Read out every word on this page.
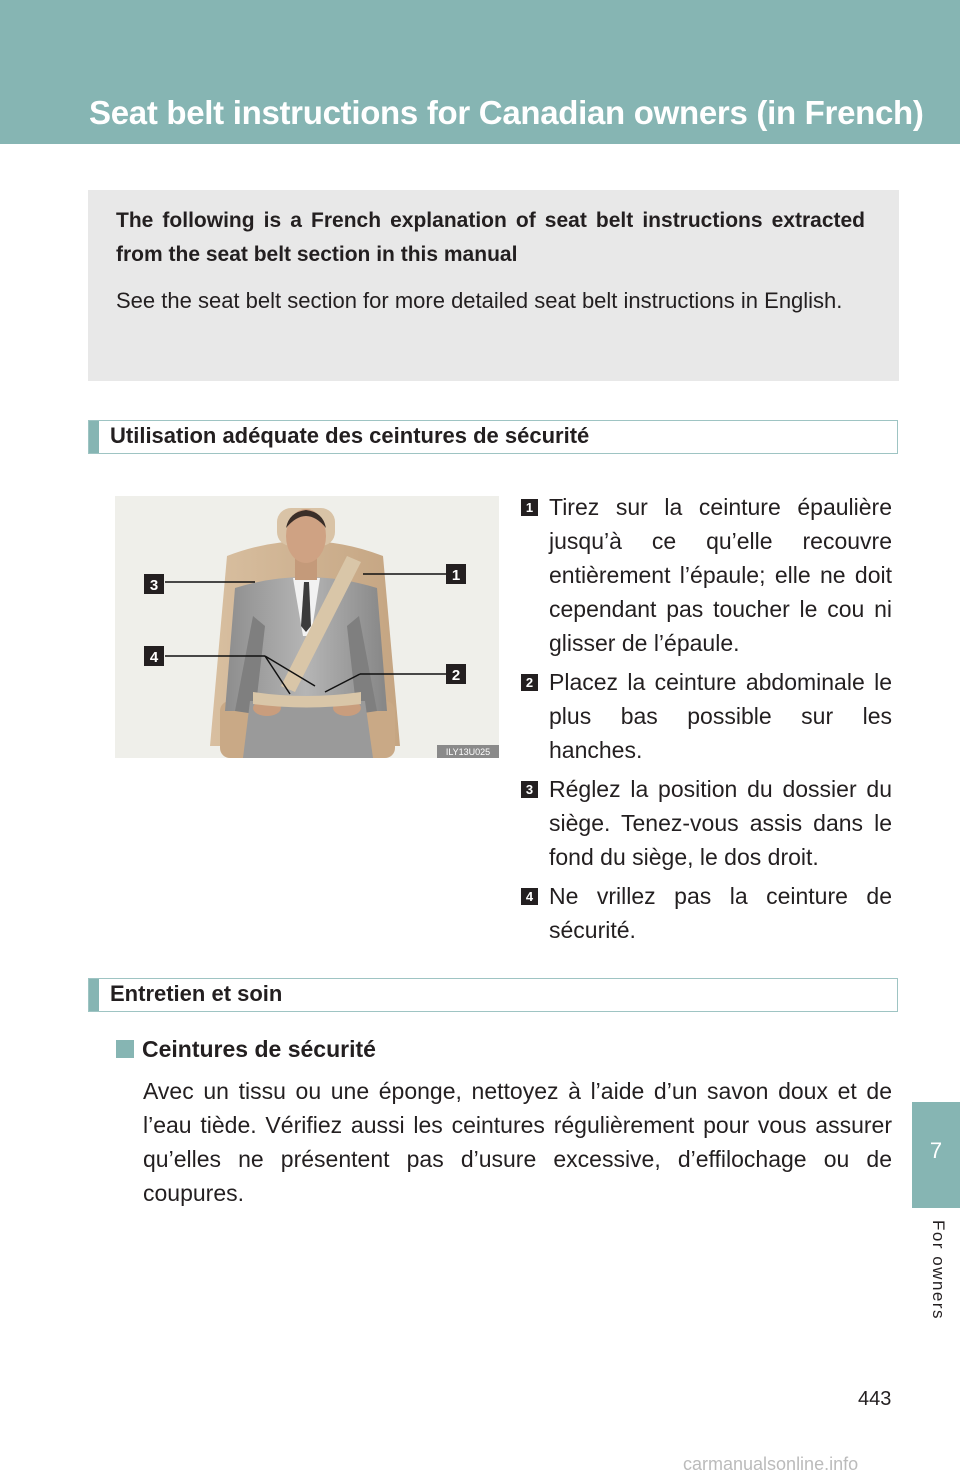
Seat belt instructions for Canadian owners (in French)

The following is a French explanation of seat belt instructions extracted from the seat belt section in this manual

See the seat belt section for more detailed seat belt instructions in English.

Utilisation adéquate des ceintures de sécurité
1
2
3
4
ILY13U025
1 Tirez sur la ceinture épaulière jusqu’à ce qu’elle recouvre entièrement l’épaule; elle ne doit cependant pas toucher le cou ni glisser de l’épaule.
2 Placez la ceinture abdominale le plus bas possible sur les hanches.
3 Réglez la position du dossier du siège. Tenez-vous assis dans le fond du siège, le dos droit.
4 Ne vrillez pas la ceinture de sécurité.
Entretien et soin
Ceintures de sécurité
Avec un tissu ou une éponge, nettoyez à l’aide d’un savon doux et de l’eau tiède. Vérifiez aussi les ceintures régulièrement pour vous assurer qu’elles ne présentent pas d’usure excessive, d’effilochage ou de coupures.
7
For owners
443
carmanualsonline.info
